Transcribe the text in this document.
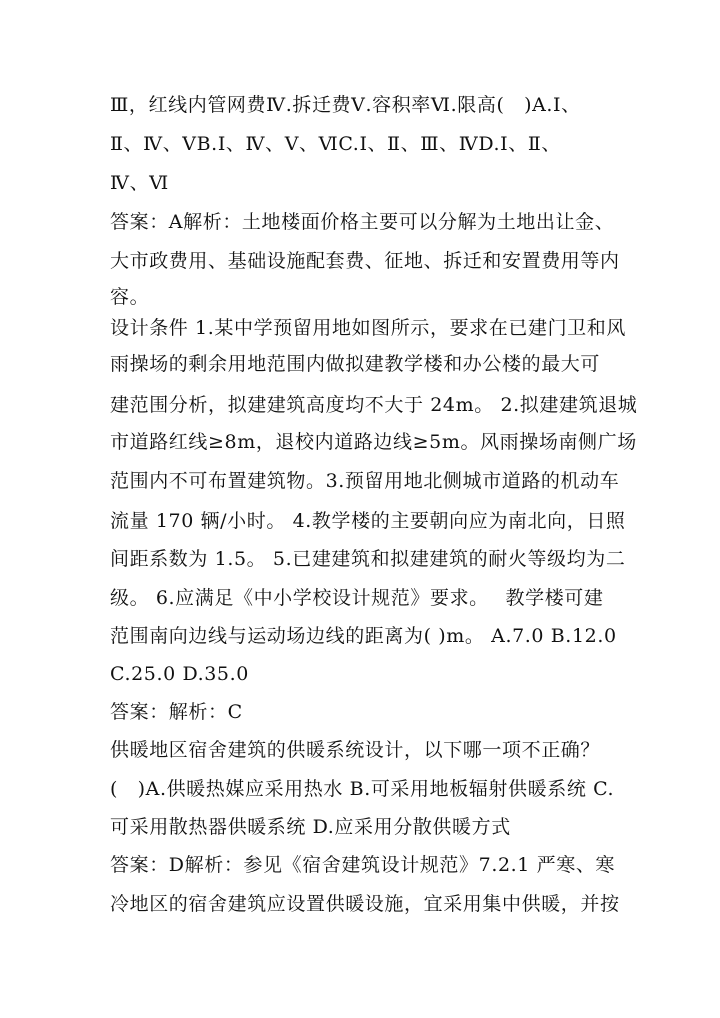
Ⅲ，红线内管网费Ⅳ.拆迁费Ⅴ.容积率Ⅵ.限高(　)A.Ⅰ、
Ⅱ、Ⅳ、ⅤB.Ⅰ、Ⅳ、Ⅴ、ⅥC.Ⅰ、Ⅱ、Ⅲ、ⅣD.Ⅰ、Ⅱ、
Ⅳ、Ⅵ
答案：A解析：土地楼面价格主要可以分解为土地出让金、
大市政费用、基础设施配套费、征地、拆迁和安置费用等内
容。
设计条件 1.某中学预留用地如图所示，要求在已建门卫和风
雨操场的剩余用地范围内做拟建教学楼和办公楼的最大可
建范围分析，拟建建筑高度均不大于 24m。 2.拟建建筑退城
市道路红线≥8m，退校内道路边线≥5m。风雨操场南侧广场
范围内不可布置建筑物。3.预留用地北侧城市道路的机动车
流量 170 辆/小时。 4.教学楼的主要朝向应为南北向，日照
间距系数为 1.5。 5.已建建筑和拟建建筑的耐火等级均为二
级。 6.应满足《中小学校设计规范》要求。　 教学楼可建
范围南向边线与运动场边线的距离为( )m。 A.7.0 B.12.0
C.25.0 D.35.0
答案：解析：C
供暖地区宿舍建筑的供暖系统设计，以下哪一项不正确？
(　)A.供暖热媒应采用热水 B.可采用地板辐射供暖系统 C.
可采用散热器供暖系统 D.应采用分散供暖方式
答案：D解析：参见《宿舍建筑设计规范》7.2.1 严寒、寒
冷地区的宿舍建筑应设置供暖设施，宜采用集中供暖，并按
